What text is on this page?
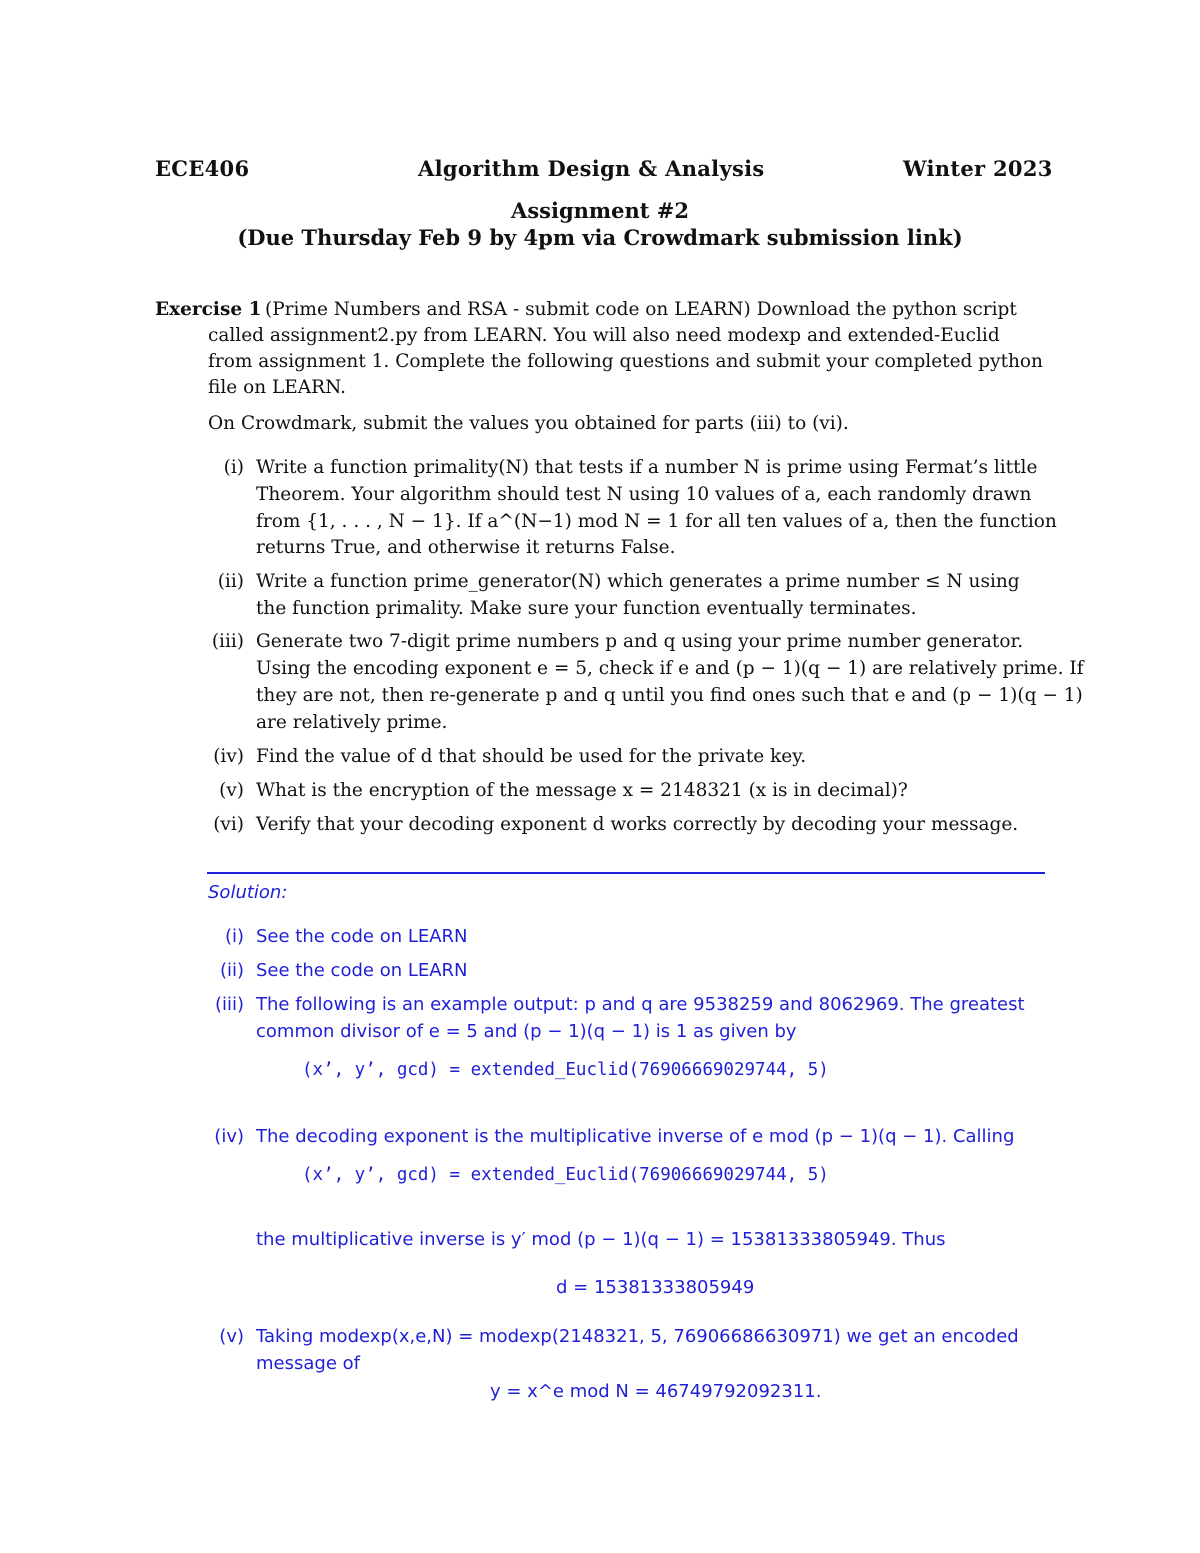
ECE406	Algorithm Design & Analysis	Winter 2023
Assignment #2
(Due Thursday Feb 9 by 4pm via Crowdmark submission link)
Exercise 1 (Prime Numbers and RSA - submit code on LEARN) Download the python script
called assignment2.py from LEARN. You will also need modexp and extended-Euclid
from assignment 1. Complete the following questions and submit your completed python
file on LEARN.
On Crowdmark, submit the values you obtained for parts (iii) to (vi).
(i) Write a function primality(N) that tests if a number N is prime using Fermat’s little
Theorem. Your algorithm should test N using 10 values of a, each randomly drawn
from {1, . . . , N − 1}. If a^(N−1) mod N = 1 for all ten values of a, then the function
returns True, and otherwise it returns False.
(ii) Write a function prime_generator(N) which generates a prime number ≤ N using
the function primality. Make sure your function eventually terminates.
(iii) Generate two 7-digit prime numbers p and q using your prime number generator.
Using the encoding exponent e = 5, check if e and (p − 1)(q − 1) are relatively prime. If
they are not, then re-generate p and q until you find ones such that e and (p − 1)(q − 1)
are relatively prime.
(iv) Find the value of d that should be used for the private key.
(v) What is the encryption of the message x = 2148321 (x is in decimal)?
(vi) Verify that your decoding exponent d works correctly by decoding your message.
Solution:
(i) See the code on LEARN
(ii) See the code on LEARN
(iii) The following is an example output: p and q are 9538259 and 8062969. The greatest
common divisor of e = 5 and (p − 1)(q − 1) is 1 as given by
(x’, y’, gcd) = extended_Euclid(76906669029744, 5)
(iv) The decoding exponent is the multiplicative inverse of e mod (p − 1)(q − 1). Calling
(x’, y’, gcd) = extended_Euclid(76906669029744, 5)
the multiplicative inverse is y′ mod (p − 1)(q − 1) = 15381333805949. Thus
d = 15381333805949
(v) Taking modexp(x,e,N) = modexp(2148321, 5, 76906686630971) we get an encoded
message of
y = x^e mod N = 46749792092311.
